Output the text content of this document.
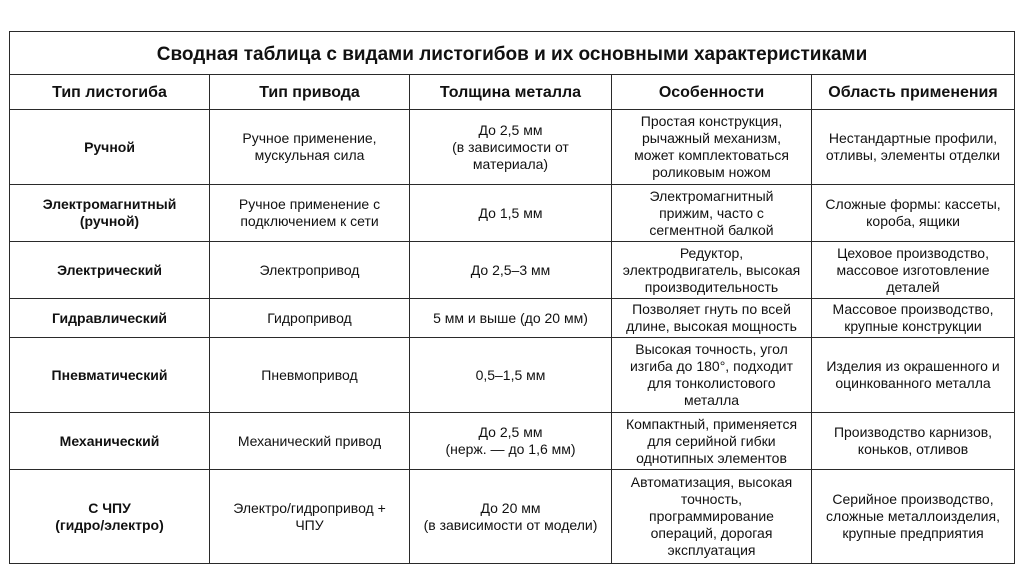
Сводная таблица с видами листогибов и их основными характеристиками				
Тип листогиба	Тип привода	Толщина металла	Особенности	Область применения

Ручной	Ручное применение,
мускульная сила	До 2,5 мм
(в зависимости от
материала)	Простая конструкция,
рычажный механизм,
может комплектоваться
роликовым ножом	Нестандартные профили,
отливы, элементы отделки

Электромагнитный
(ручной)	Ручное применение с
подключением к сети	До 1,5 мм	Электромагнитный
прижим, часто с
сегментной балкой	Сложные формы: кассеты,
короба, ящики

Электрический	Электропривод	До 2,5–3 мм	Редуктор,
электродвигатель, высокая
производительность	Цеховое производство,
массовое изготовление
деталей

Гидравлический	Гидропривод	5 мм и выше (до 20 мм)	Позволяет гнуть по всей
длине, высокая мощность	Массовое производство,
крупные конструкции

Пневматический	Пневмопривод	0,5–1,5 мм	Высокая точность, угол
изгиба до 180°, подходит
для тонколистового
металла	Изделия из окрашенного и
оцинкованного металла

Механический	Механический привод	До 2,5 мм
(нерж. — до 1,6 мм)	Компактный, применяется
для серийной гибки
однотипных элементов	Производство карнизов,
коньков, отливов

С ЧПУ
(гидро/электро)	Электро/гидропривод +
ЧПУ	До 20 мм
(в зависимости от модели)	Автоматизация, высокая
точность,
программирование
операций, дорогая
эксплуатация	Серийное производство,
сложные металлоизделия,
крупные предприятия
